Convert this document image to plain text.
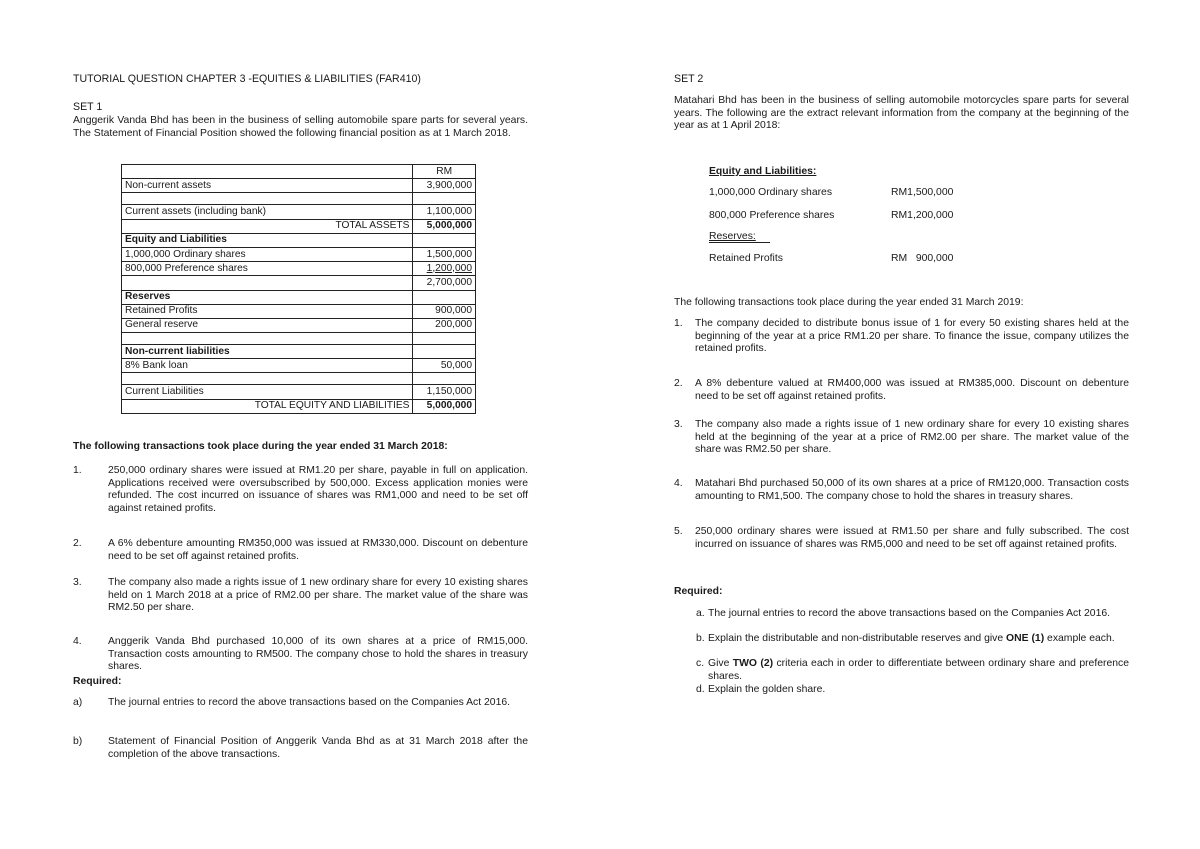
TUTORIAL QUESTION CHAPTER 3 -EQUITIES & LIABILITIES (FAR410)
SET 1
Anggerik Vanda Bhd has been in the business of selling automobile spare parts for several years. The Statement of Financial Position showed the following financial position as at 1 March 2018.
	RM
Non-current assets	3,900,000

Current assets (including bank)	1,100,000
TOTAL ASSETS	5,000,000
Equity and Liabilities	
1,000,000 Ordinary shares	1,500,000
800,000 Preference shares	1,200,000
	2,700,000
Reserves	
Retained Profits	900,000
General reserve	200,000

Non-current liabilities	
8% Bank loan	50,000

Current Liabilities	1,150,000
TOTAL EQUITY AND LIABILITIES	5,000,000
The following transactions took place during the year ended 31 March 2018:
1.	250,000 ordinary shares were issued at RM1.20 per share, payable in full on application. Applications received were oversubscribed by 500,000. Excess application monies were refunded. The cost incurred on issuance of shares was RM1,000 and need to be set off against retained profits.
2.	A 6% debenture amounting RM350,000 was issued at RM330,000. Discount on debenture need to be set off against retained profits.
3.	The company also made a rights issue of 1 new ordinary share for every 10 existing shares held on 1 March 2018 at a price of RM2.00 per share. The market value of the share was RM2.50 per share.
4.	Anggerik Vanda Bhd purchased 10,000 of its own shares at a price of RM15,000. Transaction costs amounting to RM500. The company chose to hold the shares in treasury shares.
Required:
a) The journal entries to record the above transactions based on the Companies Act 2016.
b) Statement of Financial Position of Anggerik Vanda Bhd as at 31 March 2018 after the completion of the above transactions.
SET 2
Matahari Bhd has been in the business of selling automobile motorcycles spare parts for several years. The following are the extract relevant information from the company at the beginning of the year as at 1 April 2018:
Equity and Liabilities:
1,000,000 Ordinary shares	RM1,500,000
800,000 Preference shares	RM1,200,000
Reserves:
Retained Profits	RM   900,000
The following transactions took place during the year ended 31 March 2019:
1. The company decided to distribute bonus issue of 1 for every 50 existing shares held at the beginning of the year at a price RM1.20 per share. To finance the issue, company utilizes the retained profits.
2. A 8% debenture valued at RM400,000 was issued at RM385,000. Discount on debenture need to be set off against retained profits.
3. The company also made a rights issue of 1 new ordinary share for every 10 existing shares held at the beginning of the year at a price of RM2.00 per share. The market value of the share was RM2.50 per share.
4. Matahari Bhd purchased 50,000 of its own shares at a price of RM120,000. Transaction costs amounting to RM1,500. The company chose to hold the shares in treasury shares.
5. 250,000 ordinary shares were issued at RM1.50 per share and fully subscribed. The cost incurred on issuance of shares was RM5,000 and need to be set off against retained profits.
Required:
a. The journal entries to record the above transactions based on the Companies Act 2016.
b. Explain the distributable and non-distributable reserves and give ONE (1) example each.
c. Give TWO (2) criteria each in order to differentiate between ordinary share and preference shares.
d. Explain the golden share.
